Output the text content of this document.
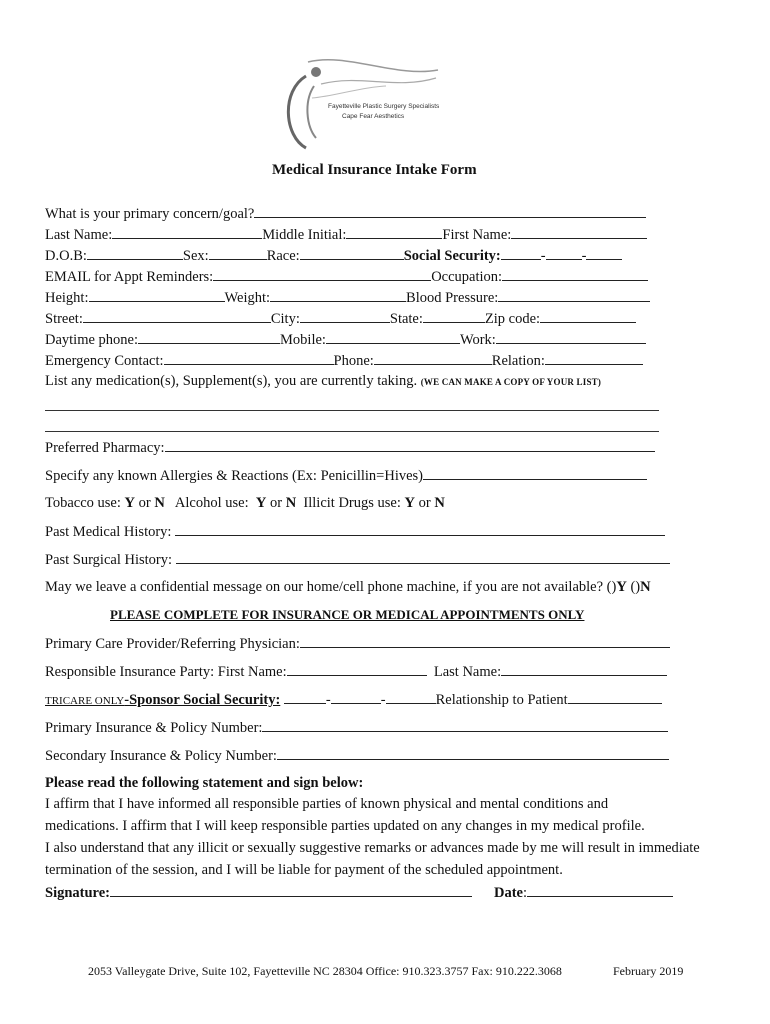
Fayetteville Plastic Surgery Specialists
Cape Fear Aesthetics
Medical Insurance Intake Form
What is your primary concern/goal?
Last Name:	Middle Initial:	First Name:
D.O.B:	Sex:	Race:	Social Security:	- -
EMAIL for Appt Reminders:	Occupation:
Height:	Weight:	Blood Pressure:
Street:	City:	State:	Zip code:
Daytime phone:	Mobile:	Work:
Emergency Contact:	Phone:	Relation:
List any medication(s), Supplement(s), you are currently taking. (WE CAN MAKE A COPY OF YOUR LIST)
Preferred Pharmacy:
Specify any known Allergies & Reactions (Ex: Penicillin=Hives)
Tobacco use: Y or N Alcohol use: Y or N Illicit Drugs use: Y or N
Past Medical History:
Past Surgical History:
May we leave a confidential message on our home/cell phone machine, if you are not available? ()Y ()N
PLEASE COMPLETE FOR INSURANCE OR MEDICAL APPOINTMENTS ONLY
Primary Care Provider/Referring Physician:
Responsible Insurance Party: First Name:	Last Name:
TRICARE ONLY-Sponsor Social Security:	-	-	Relationship to Patient
Primary Insurance & Policy Number:
Secondary Insurance & Policy Number:
Please read the following statement and sign below:
I affirm that I have informed all responsible parties of known physical and mental conditions and
medications. I affirm that I will keep responsible parties updated on any changes in my medical profile.
I also understand that any illicit or sexually suggestive remarks or advances made by me will result in immediate
termination of the session, and I will be liable for payment of the scheduled appointment.
Signature:	Date:
2053 Valleygate Drive, Suite 102, Fayetteville NC 28304 Office: 910.323.3757 Fax: 910.222.3068	February 2019
